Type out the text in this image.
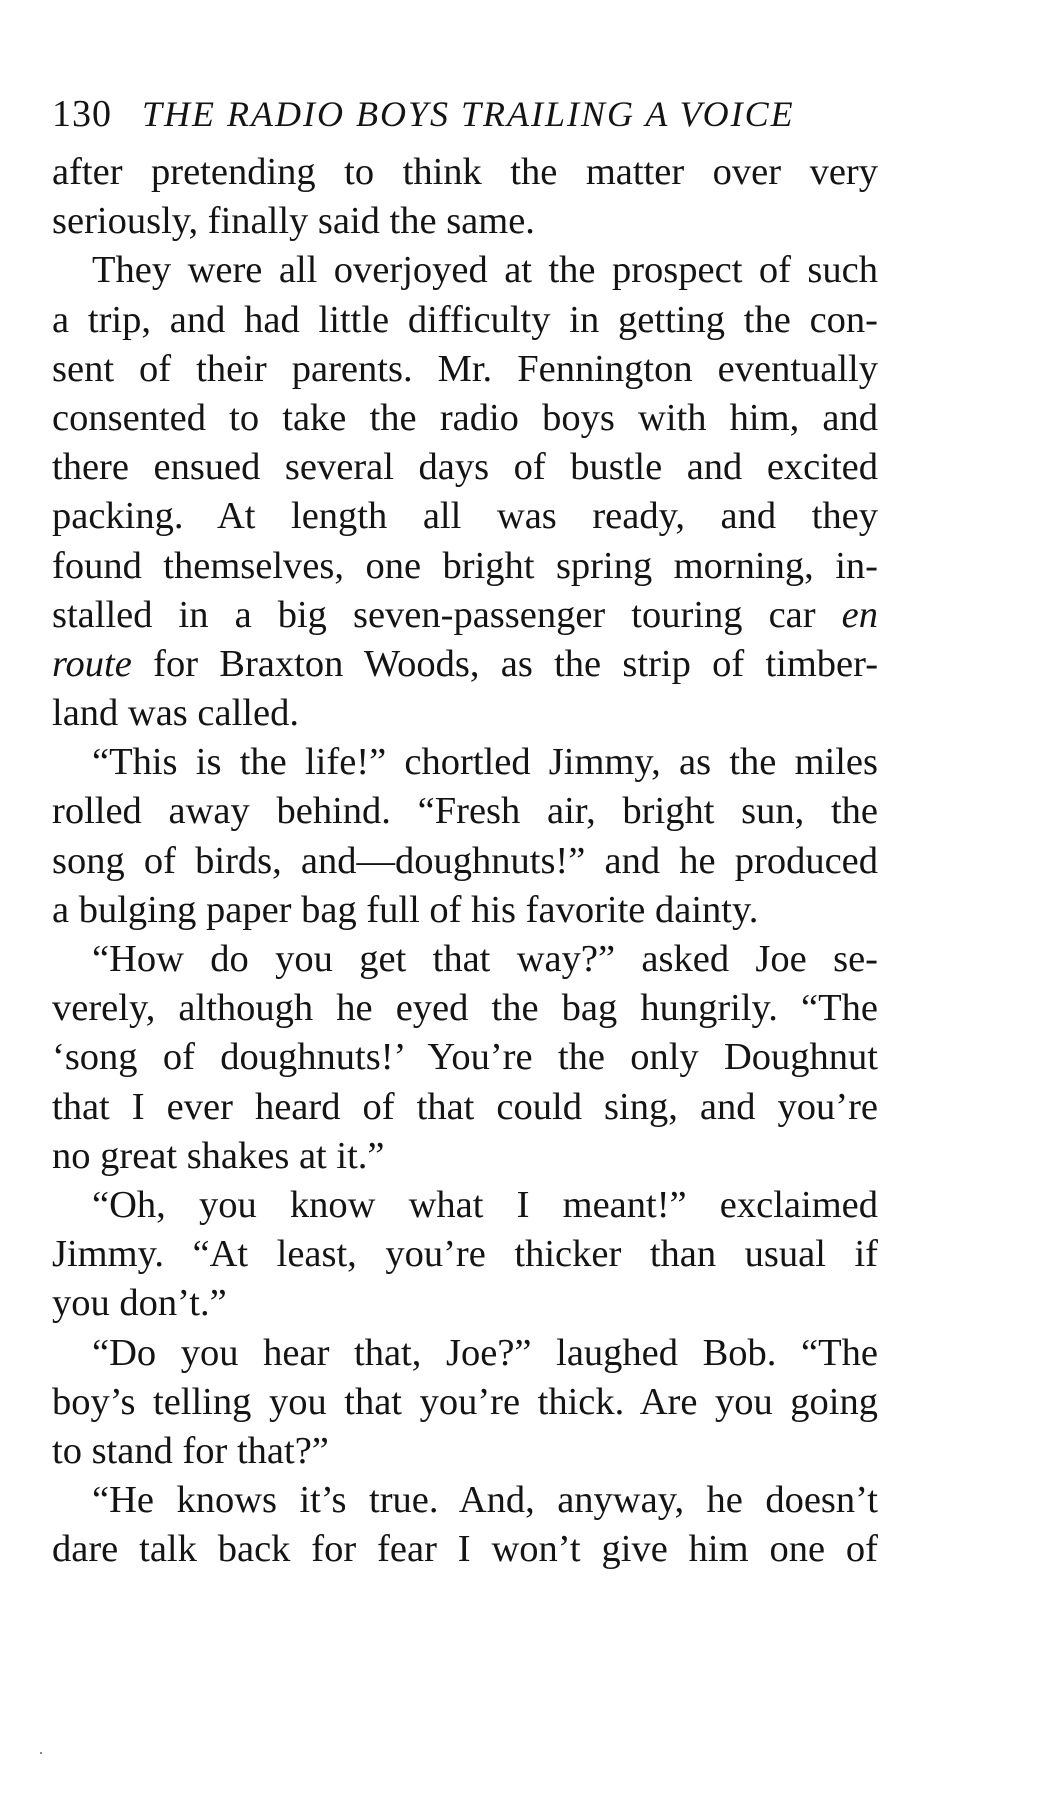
130 THE RADIO BOYS TRAILING A VOICE
after pretending to think the matter over very
seriously, finally said the same.
They were all overjoyed at the prospect of such
a trip, and had little difficulty in getting the con-
sent of their parents. Mr. Fennington eventually
consented to take the radio boys with him, and
there ensued several days of bustle and excited
packing. At length all was ready, and they
found themselves, one bright spring morning, in-
stalled in a big seven-passenger touring car en
route for Braxton Woods, as the strip of timber-
land was called.
“This is the life!” chortled Jimmy, as the miles
rolled away behind. “Fresh air, bright sun, the
song of birds, and—doughnuts!” and he produced
a bulging paper bag full of his favorite dainty.
“How do you get that way?” asked Joe se-
verely, although he eyed the bag hungrily. “The
‘song of doughnuts!’ You’re the only Doughnut
that I ever heard of that could sing, and you’re
no great shakes at it.”
“Oh, you know what I meant!” exclaimed
Jimmy. “At least, you’re thicker than usual if
you don’t.”
“Do you hear that, Joe?” laughed Bob. “The
boy’s telling you that you’re thick. Are you going
to stand for that?”
“He knows it’s true. And, anyway, he doesn’t
dare talk back for fear I won’t give him one of
